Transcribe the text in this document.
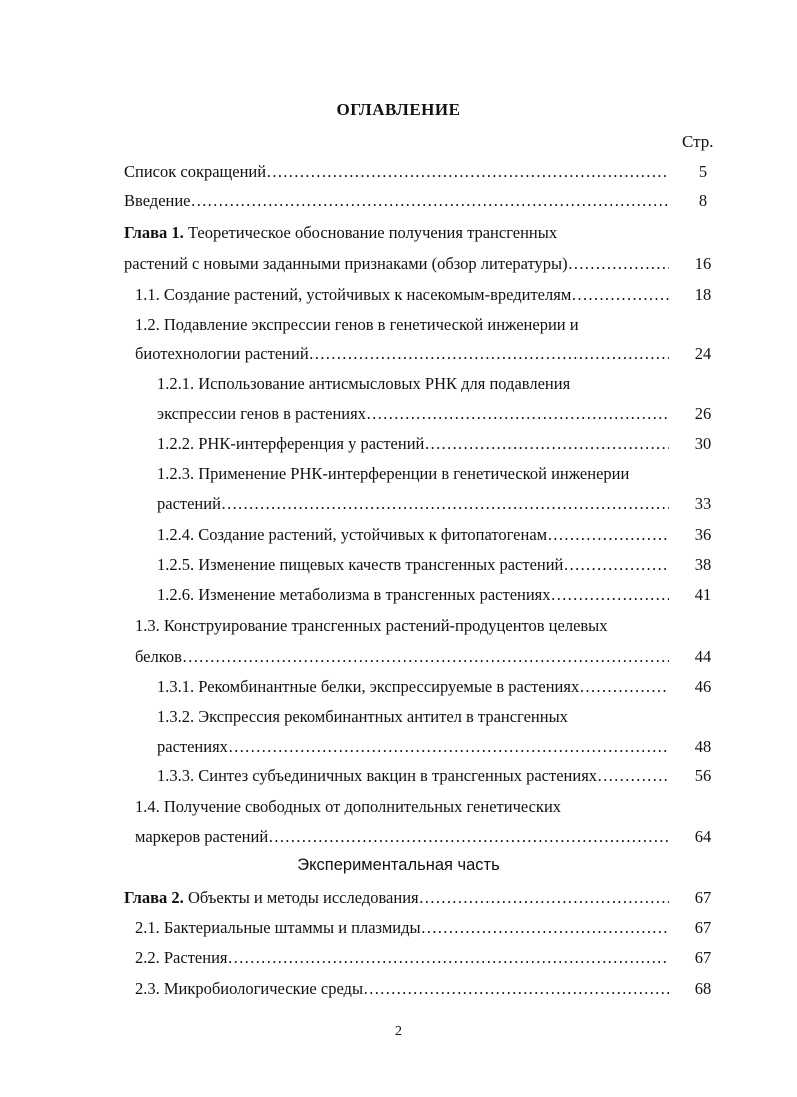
ОГЛАВЛЕНИЕ
Стр.
Список сокращений …………………………………………………………………………………………………………………………	5
Введение …………………………………………………………………………………………………………………………	8
Глава 1. Теоретическое обоснование получения трансгенных
растений с новыми заданными признаками (обзор литературы) …………………………………………………………………………………………………………………………	16
1.1. Создание растений, устойчивых к насекомым-вредителям …………………………………………………………………………………………………………………………	18
1.2. Подавление экспрессии генов в генетической инженерии и
биотехнологии растений …………………………………………………………………………………………………………………………	24
1.2.1. Использование антисмысловых РНК для подавления
экспрессии генов в растениях …………………………………………………………………………………………………………………………	26
1.2.2. РНК-интерференция у растений …………………………………………………………………………………………………………………………	30
1.2.3. Применение РНК-интерференции в генетической инженерии
растений …………………………………………………………………………………………………………………………	33
1.2.4. Создание растений, устойчивых к фитопатогенам …………………………………………………………………………………………………………………………	36
1.2.5. Изменение пищевых качеств трансгенных растений …………………………………………………………………………………………………………………………	38
1.2.6. Изменение метаболизма в трансгенных растениях …………………………………………………………………………………………………………………………	41
1.3. Конструирование трансгенных растений-продуцентов целевых
белков …………………………………………………………………………………………………………………………	44
1.3.1. Рекомбинантные белки, экспрессируемые в растениях …………………………………………………………………………………………………………………………	46
1.3.2. Экспрессия рекомбинантных антител в трансгенных
растениях …………………………………………………………………………………………………………………………	48
1.3.3. Синтез субъединичных вакцин в трансгенных растениях …………………………………………………………………………………………………………………………	56
1.4. Получение свободных от дополнительных генетических
маркеров растений …………………………………………………………………………………………………………………………	64
Экспериментальная часть
Глава 2. Объекты и методы исследования …………………………………………………………………………………………………………………………	67
2.1. Бактериальные штаммы и плазмиды …………………………………………………………………………………………………………………………	67
2.2. Растения …………………………………………………………………………………………………………………………	67
2.3. Микробиологические среды …………………………………………………………………………………………………………………………	68
2
